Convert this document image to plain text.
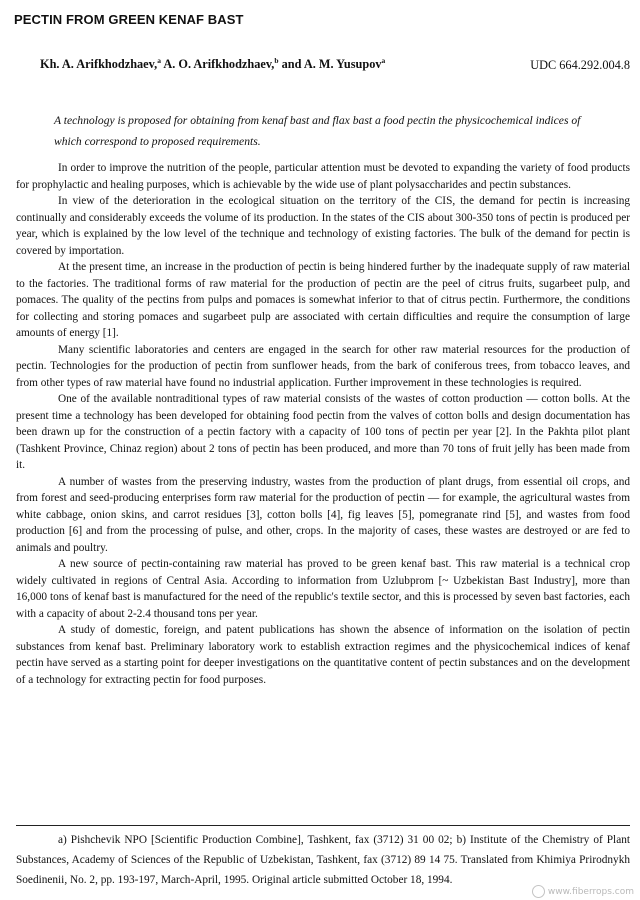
PECTIN FROM GREEN KENAF BAST
Kh. A. Arifkhodzhaev,$^a$ A. O. Arifkhodzhaev,$^b$ and A. M. Yusupov$^a$	UDC 664.292.004.8
A technology is proposed for obtaining from kenaf bast and flax bast a food pectin the physicochemical indices of which correspond to proposed requirements.

In order to improve the nutrition of the people, particular attention must be devoted to expanding the variety of food products for prophylactic and healing purposes, which is achievable by the wide use of plant polysaccharides and pectin substances.

In view of the deterioration in the ecological situation on the territory of the CIS, the demand for pectin is increasing continually and considerably exceeds the volume of its production. In the states of the CIS about 300-350 tons of pectin is produced per year, which is explained by the low level of the technique and technology of existing factories. The bulk of the demand for pectin is covered by importation.

At the present time, an increase in the production of pectin is being hindered further by the inadequate supply of raw material to the factories. The traditional forms of raw material for the production of pectin are the peel of citrus fruits, sugarbeet pulp, and pomaces. The quality of the pectins from pulps and pomaces is somewhat inferior to that of citrus pectin. Furthermore, the conditions for collecting and storing pomaces and sugarbeet pulp are associated with certain difficulties and require the consumption of large amounts of energy [1].

Many scientific laboratories and centers are engaged in the search for other raw material resources for the production of pectin. Technologies for the production of pectin from sunflower heads, from the bark of coniferous trees, from tobacco leaves, and from other types of raw material have found no industrial application. Further improvement in these technologies is required.

One of the available nontraditional types of raw material consists of the wastes of cotton production — cotton bolls. At the present time a technology has been developed for obtaining food pectin from the valves of cotton bolls and design documentation has been drawn up for the construction of a pectin factory with a capacity of 100 tons of pectin per year [2]. In the Pakhta pilot plant (Tashkent Province, Chinaz region) about 2 tons of pectin has been produced, and more than 70 tons of fruit jelly has been made from it.

A number of wastes from the preserving industry, wastes from the production of plant drugs, from essential oil crops, and from forest and seed-producing enterprises form raw material for the production of pectin — for example, the agricultural wastes from white cabbage, onion skins, and carrot residues [3], cotton bolls [4], fig leaves [5], pomegranate rind [5], and wastes from food production [6] and from the processing of pulse, and other, crops. In the majority of cases, these wastes are destroyed or are fed to animals and poultry.

A new source of pectin-containing raw material has proved to be green kenaf bast. This raw material is a technical crop widely cultivated in regions of Central Asia. According to information from Uzlubprom [~ Uzbekistan Bast Industry], more than 16,000 tons of kenaf bast is manufactured for the need of the republic's textile sector, and this is processed by seven bast factories, each with a capacity of about 2-2.4 thousand tons per year.

A study of domestic, foreign, and patent publications has shown the absence of information on the isolation of pectin substances from kenaf bast. Preliminary laboratory work to establish extraction regimes and the physicochemical indices of kenaf pectin have served as a starting point for deeper investigations on the quantitative content of pectin substances and on the development of a technology for extracting pectin for food purposes.

a) Pishchevik NPO [Scientific Production Combine], Tashkent, fax (3712) 31 00 02; b) Institute of the Chemistry of Plant Substances, Academy of Sciences of the Republic of Uzbekistan, Tashkent, fax (3712) 89 14 75. Translated from Khimiya Prirodnykh Soedinenii, No. 2, pp. 193-197, March-April, 1995. Original article submitted October 18, 1994.

www.fiberrops.com
